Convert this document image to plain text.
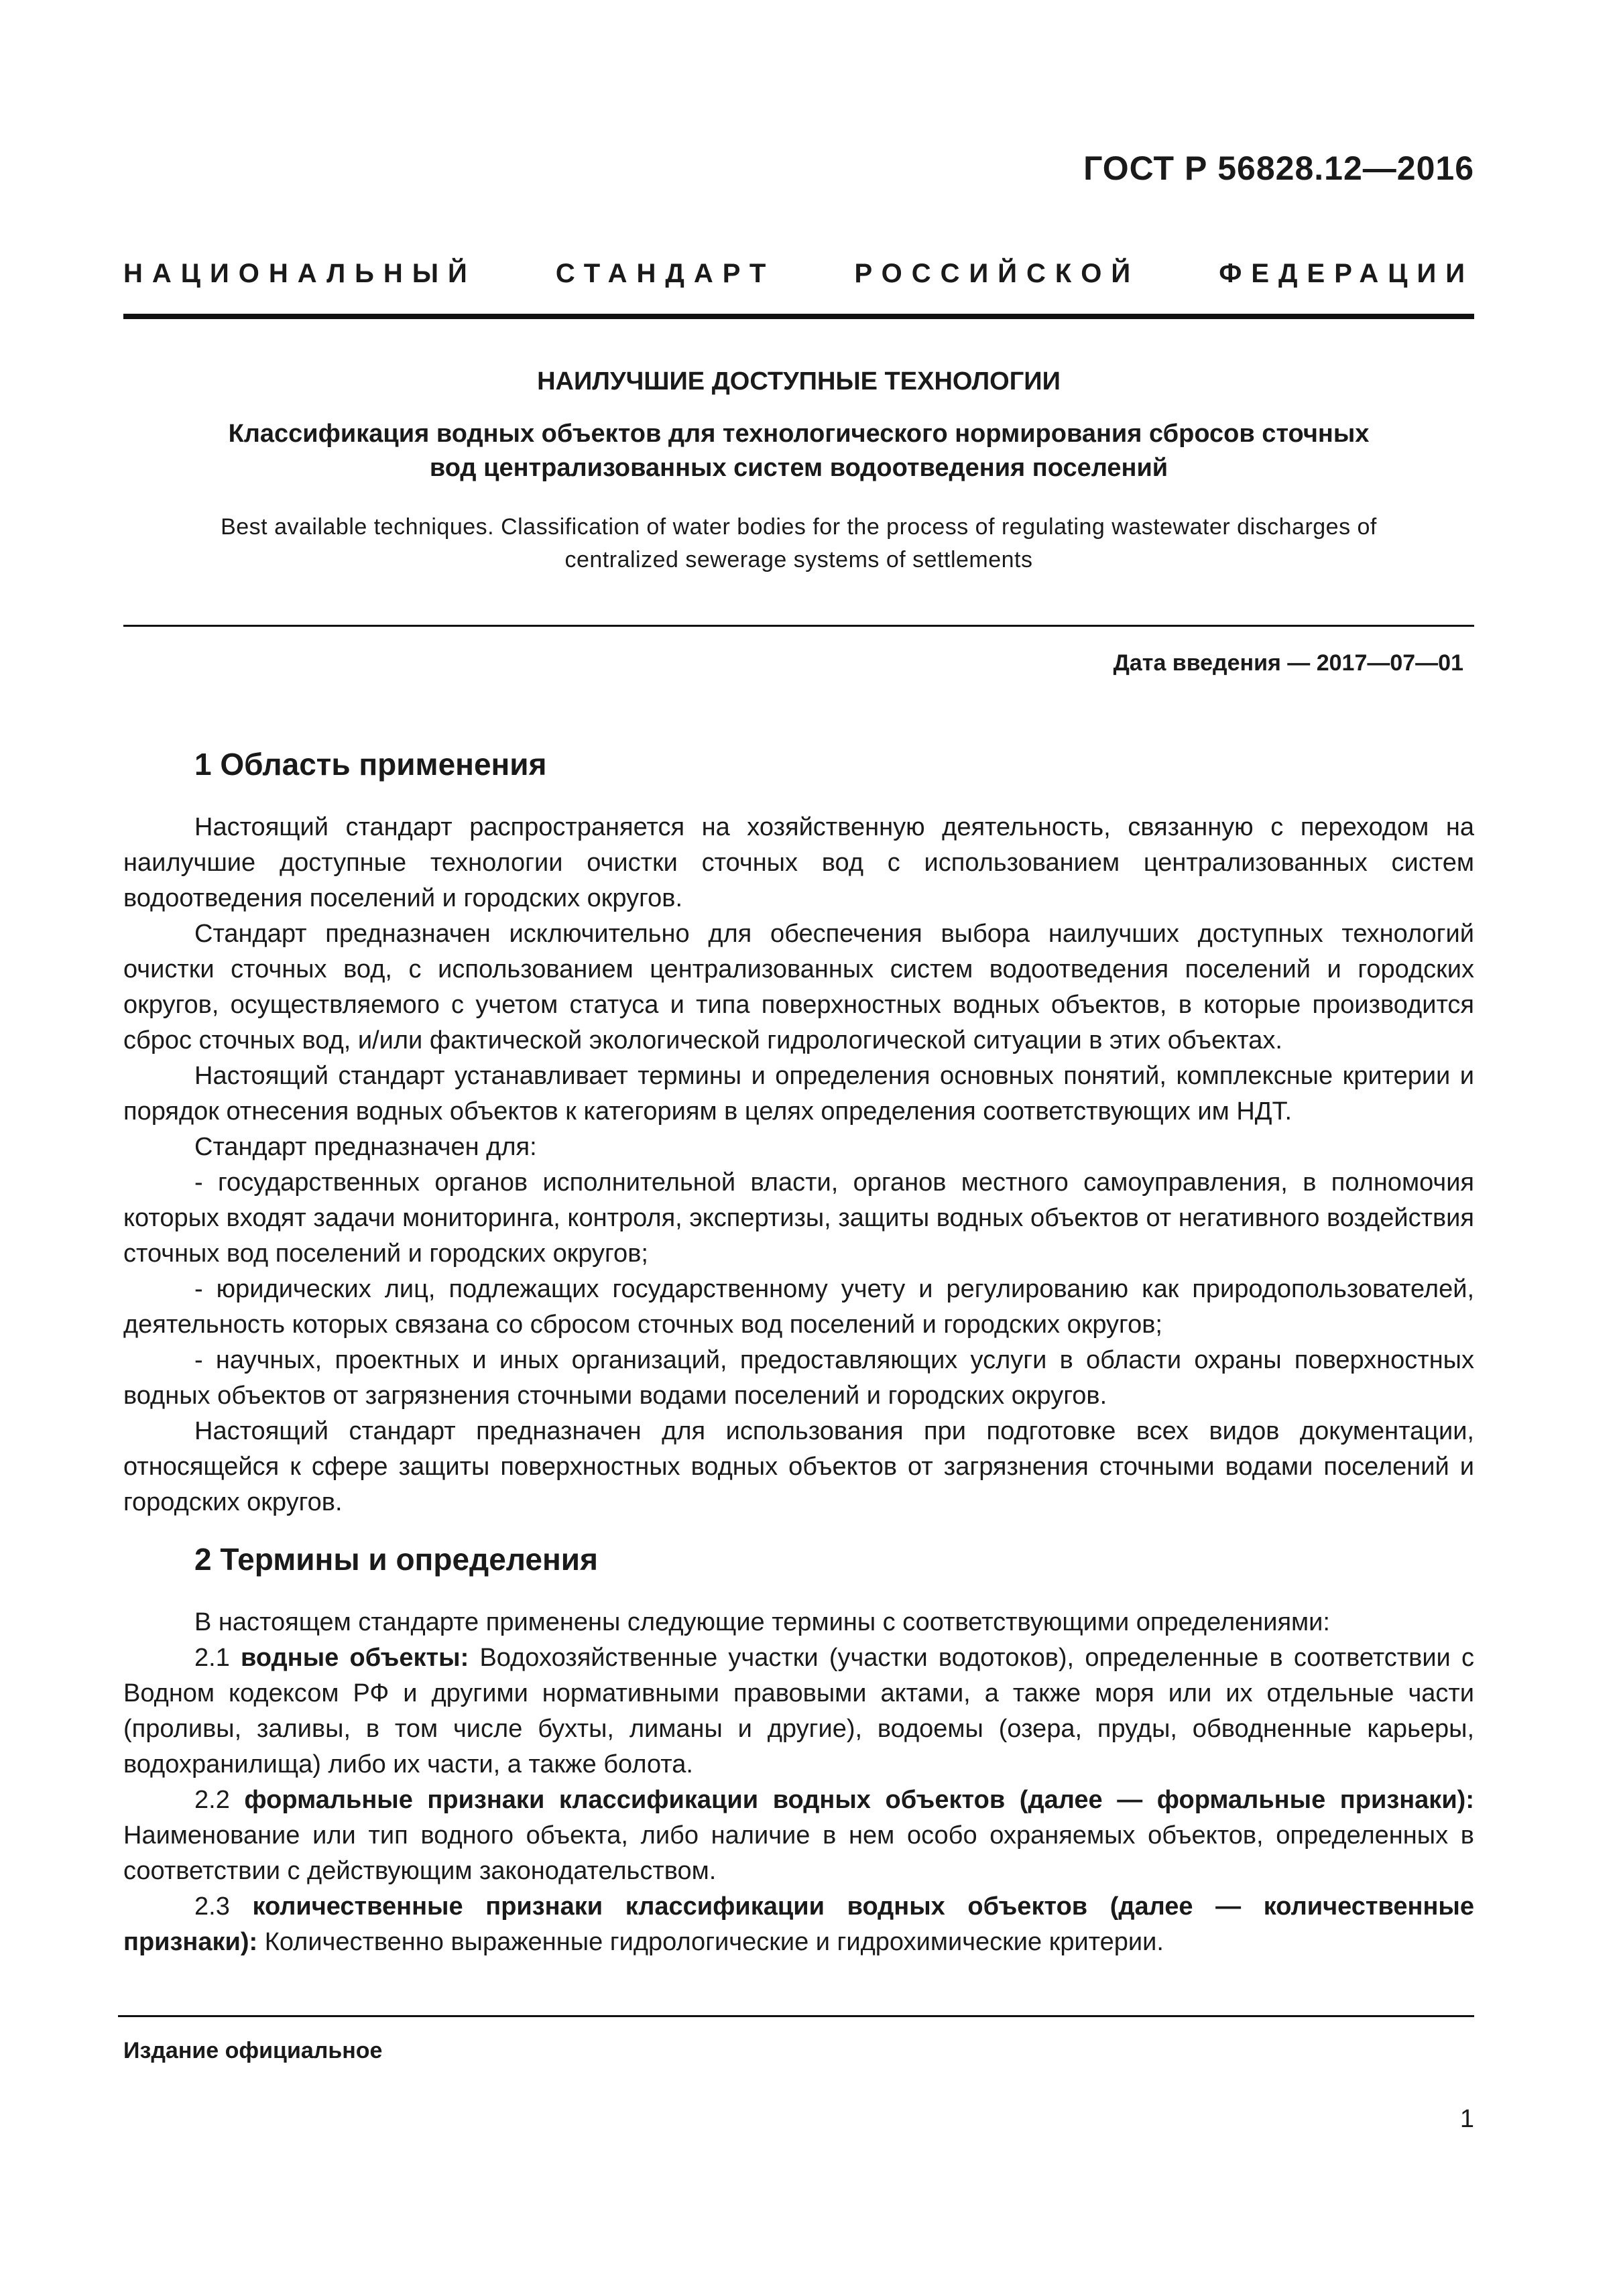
ГОСТ Р 56828.12—2016
НАЦИОНАЛЬНЫЙ СТАНДАРТ РОССИЙСКОЙ ФЕДЕРАЦИИ
НАИЛУЧШИЕ ДОСТУПНЫЕ ТЕХНОЛОГИИ
Классификация водных объектов для технологического нормирования сбросов сточных
вод централизованных систем водоотведения поселений
Best available techniques. Classification of water bodies for the process of regulating wastewater discharges of
centralized sewerage systems of settlements
Дата введения — 2017—07—01
1 Область применения

Настоящий стандарт распространяется на хозяйственную деятельность, связанную с переходом на наилучшие доступные технологии очистки сточных вод с использованием централизованных систем водоотведения поселений и городских округов.

Стандарт предназначен исключительно для обеспечения выбора наилучших доступных технологий очистки сточных вод, с использованием централизованных систем водоотведения поселений и городских округов, осуществляемого с учетом статуса и типа поверхностных водных объектов, в которые производится сброс сточных вод, и/или фактической экологической гидрологической ситуации в этих объектах.

Настоящий стандарт устанавливает термины и определения основных понятий, комплексные критерии и порядок отнесения водных объектов к категориям в целях определения соответствующих им НДТ.

Стандарт предназначен для:

- государственных органов исполнительной власти, органов местного самоуправления, в полномочия которых входят задачи мониторинга, контроля, экспертизы, защиты водных объектов от негативного воздействия сточных вод поселений и городских округов;

- юридических лиц, подлежащих государственному учету и регулированию как природопользователей, деятельность которых связана со сбросом сточных вод поселений и городских округов;

- научных, проектных и иных организаций, предоставляющих услуги в области охраны поверхностных водных объектов от загрязнения сточными водами поселений и городских округов.

Настоящий стандарт предназначен для использования при подготовке всех видов документации, относящейся к сфере защиты поверхностных водных объектов от загрязнения сточными водами поселений и городских округов.

2 Термины и определения

В настоящем стандарте применены следующие термины с соответствующими определениями:

2.1 водные объекты: Водохозяйственные участки (участки водотоков), определенные в соответствии с Водном кодексом РФ и другими нормативными правовыми актами, а также моря или их отдельные части (проливы, заливы, в том числе бухты, лиманы и другие), водоемы (озера, пруды, обводненные карьеры, водохранилища) либо их части, а также болота.

2.2 формальные признаки классификации водных объектов (далее — формальные признаки): Наименование или тип водного объекта, либо наличие в нем особо охраняемых объектов, определенных в соответствии с действующим законодательством.

2.3 количественные признаки классификации водных объектов (далее — количественные признаки): Количественно выраженные гидрологические и гидрохимические критерии.

Издание официальное
1
